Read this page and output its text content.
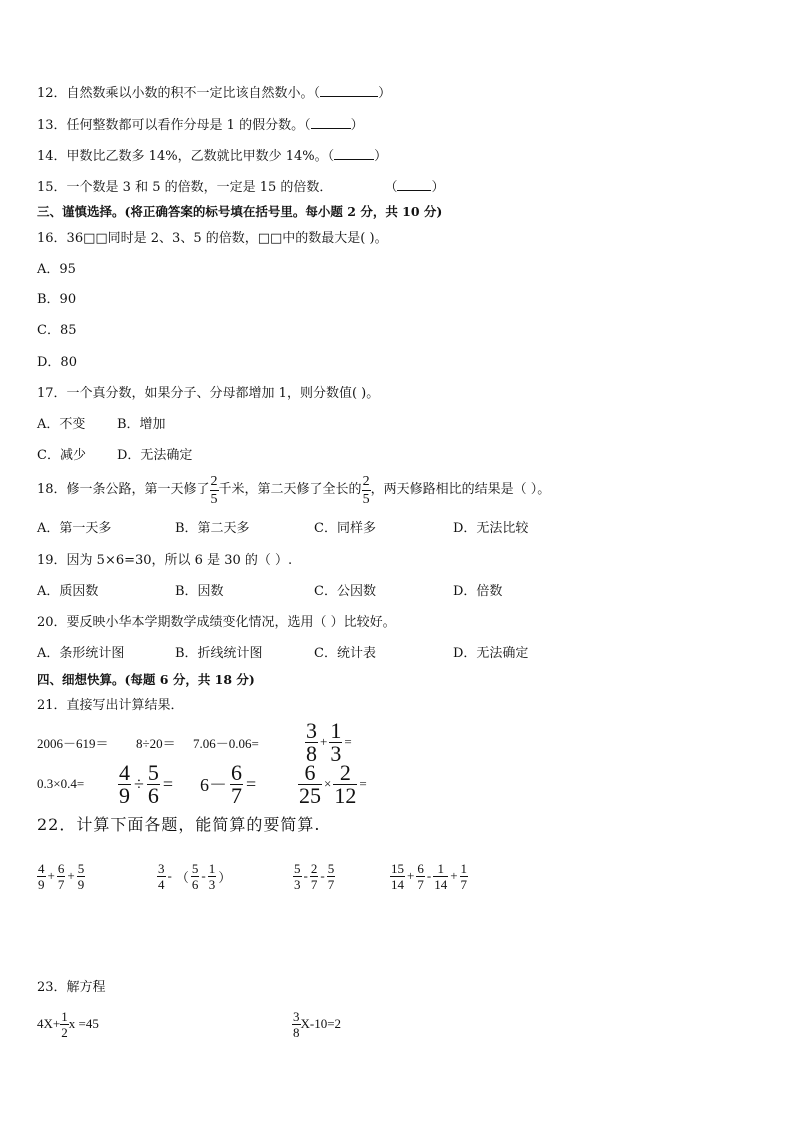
12．自然数乘以小数的积不一定比该自然数小。（	）
13．任何整数都可以看作分母是 1 的假分数。（	）
14．甲数比乙数多 14%，乙数就比甲数少 14%。（	）
15．一个数是 3 和 5 的倍数，一定是 15 的倍数．	（	）
三、谨慎选择。(将正确答案的标号填在括号里。每小题 2 分，共 10 分)
16．36□□同时是 2、3、5 的倍数，□□中的数最大是( )。
A．95
B．90
C．85
D．80
17．一个真分数，如果分子、分母都增加 1，则分数值( )。
A．不变 B．增加
C．减少 D．无法确定
18．修一条公路，第一天修了 $\frac{2}{5}$ 千米，第二天修了全长的 $\frac{2}{5}$ ，两天修路相比的结果是（ ）。
A．第一天多	B．第二天多	C．同样多	D．无法比较
19．因为 5×6=30，所以 6 是 30 的（ ）.
A．质因数	B．因数	C．公因数	D．倍数
20．要反映小华本学期数学成绩变化情况，选用（ ）比较好。
A．条形统计图	B．折线统计图	C．统计表	D．无法确定
四、细想快算。(每题 6 分，共 18 分)
21．直接写出计算结果．
$2006-619= 8\div 20= 7.06-0.06= \frac{3}{8} + \frac{1}{3}$ =
$0.3\times 0.4= \frac{4}{9} \div \frac{5}{6} = 6- \frac{6}{7} = \frac{6}{25} \times \frac{2}{12}$ =
22．计算下面各题，能简算的要简算.
$\frac{4}{9} + \frac{6}{7} + \frac{5}{9}$	$\frac{3}{4}$ - （ $\frac{5}{6} - \frac{1}{3}$ ）	$\frac{5}{3} - \frac{2}{7} - \frac{5}{7}$	$\frac{15}{14} + \frac{6}{7} - \frac{1}{14} + \frac{1}{7}$
23．解方程
$4X+ \frac{1}{2}$ x =45	$\frac{3}{8} X-10=2$
